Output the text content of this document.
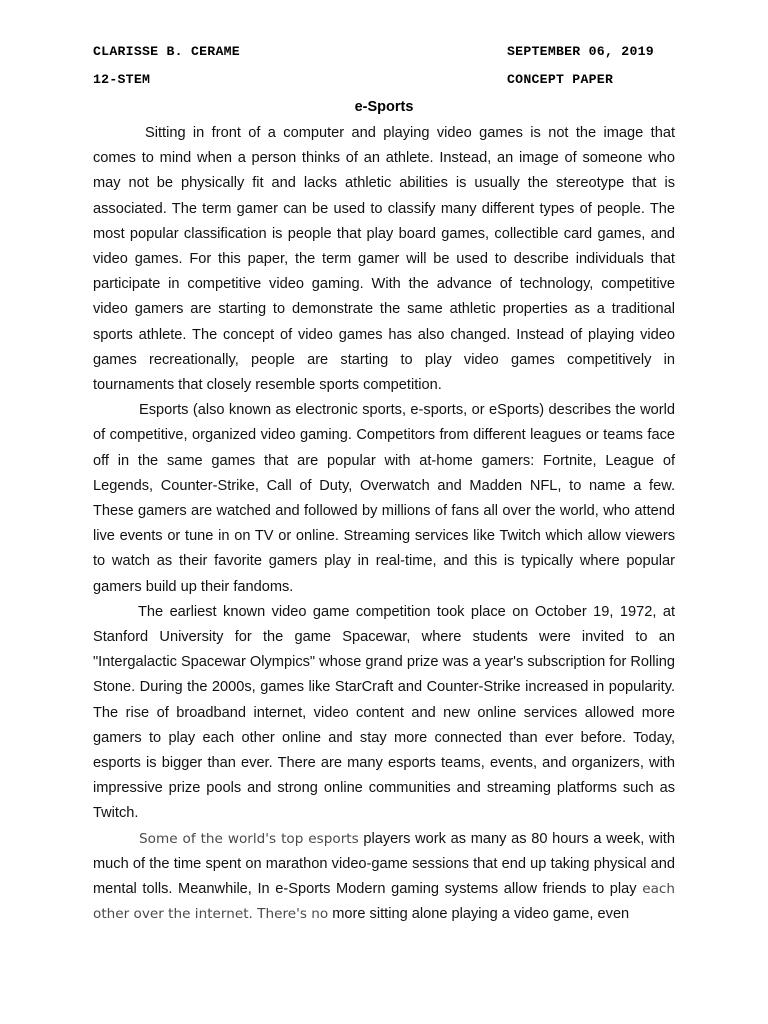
CLARISSE B. CERAME	SEPTEMBER 06, 2019
12-STEM	CONCEPT PAPER
e-Sports

Sitting in front of a computer and playing video games is not the image that comes to mind when a person thinks of an athlete. Instead, an image of someone who may not be physically fit and lacks athletic abilities is usually the stereotype that is associated. The term gamer can be used to classify many different types of people. The most popular classification is people that play board games, collectible card games, and video games. For this paper, the term gamer will be used to describe individuals that participate in competitive video gaming. With the advance of technology, competitive video gamers are starting to demonstrate the same athletic properties as a traditional sports athlete. The concept of video games has also changed. Instead of playing video games recreationally, people are starting to play video games competitively in tournaments that closely resemble sports competition.

Esports (also known as electronic sports, e-sports, or eSports) describes the world of competitive, organized video gaming. Competitors from different leagues or teams face off in the same games that are popular with at-home gamers: Fortnite, League of Legends, Counter-Strike, Call of Duty, Overwatch and Madden NFL, to name a few. These gamers are watched and followed by millions of fans all over the world, who attend live events or tune in on TV or online. Streaming services like Twitch which allow viewers to watch as their favorite gamers play in real-time, and this is typically where popular gamers build up their fandoms.

The earliest known video game competition took place on October 19, 1972, at Stanford University for the game Spacewar, where students were invited to an "Intergalactic Spacewar Olympics" whose grand prize was a year's subscription for Rolling Stone. During the 2000s, games like StarCraft and Counter-Strike increased in popularity. The rise of broadband internet, video content and new online services allowed more gamers to play each other online and stay more connected than ever before. Today, esports is bigger than ever. There are many esports teams, events, and organizers, with impressive prize pools and strong online communities and streaming platforms such as Twitch.

Some of the world's top esports players work as many as 80 hours a week, with much of the time spent on marathon video-game sessions that end up taking physical and mental tolls. Meanwhile, In e-Sports Modern gaming systems allow friends to play each other over the internet. There's no more sitting alone playing a video game, even
